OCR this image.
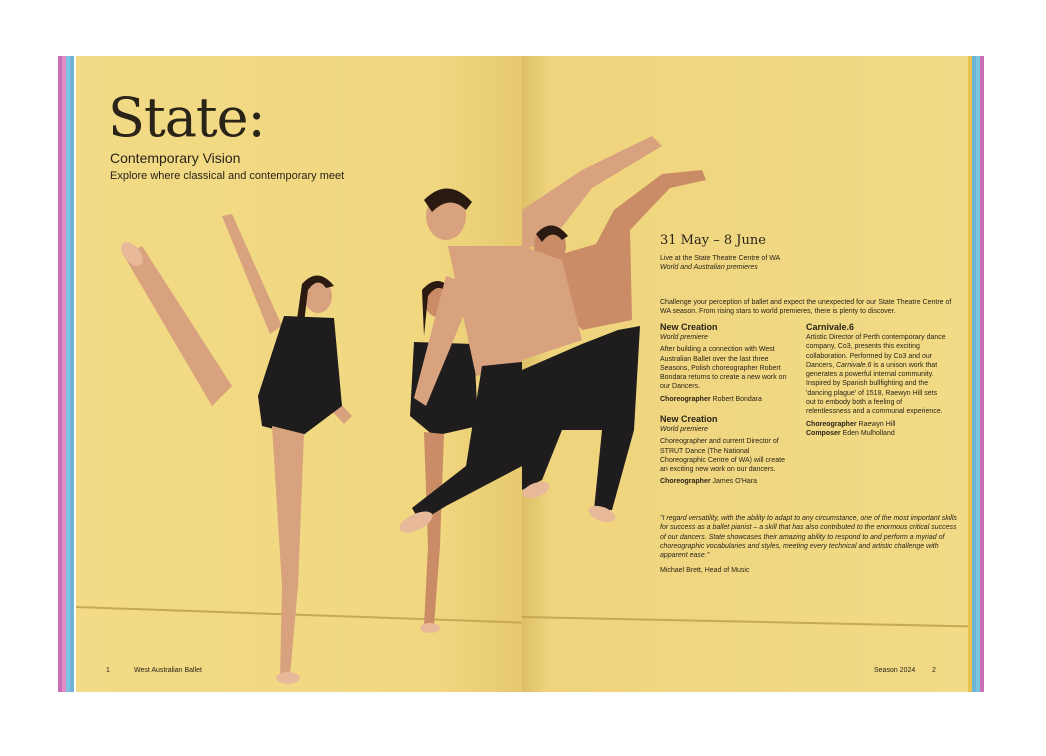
State:
Contemporary Vision
Explore where classical and contemporary meet
1	West Australian Ballet
31 May – 8 June
Live at the State Theatre Centre of WA
World and Australian premieres
Challenge your perception of ballet and expect the unexpected for our State Theatre Centre of WA season. From rising stars to world premieres, there is plenty to discover.
New Creation
World premiere

After building a connection with West Australian Ballet over the last three Seasons, Polish choreographer Robert Bondara returns to create a new work on our Dancers.

Choreographer Robert Bondara

New Creation
World premiere

Choreographer and current Director of STRUT Dance (The National Choreographic Centre of WA) will create an exciting new work on our dancers.

Choreographer James O'Hara

Carnivale.6

Artistic Director of Perth contemporary dance company, Co3, presents this exciting collaboration. Performed by Co3 and our Dancers, Carnivale.6 is a unison work that generates a powerful internal community. Inspired by Spanish bullfighting and the 'dancing plague' of 1518, Raewyn Hill sets out to embody both a feeling of relentlessness and a communal experience.

Choreographer Raewyn Hill

Composer Eden Mulholland

"I regard versatility, with the ability to adapt to any circumstance, one of the most important skills for success as a ballet pianist – a skill that has also contributed to the enormous critical success of our dancers. State showcases their amazing ability to respond to and perform a myriad of choreographic vocabularies and styles, meeting every technical and artistic challenge with apparent ease."
Michael Brett, Head of Music
Season 2024 2
